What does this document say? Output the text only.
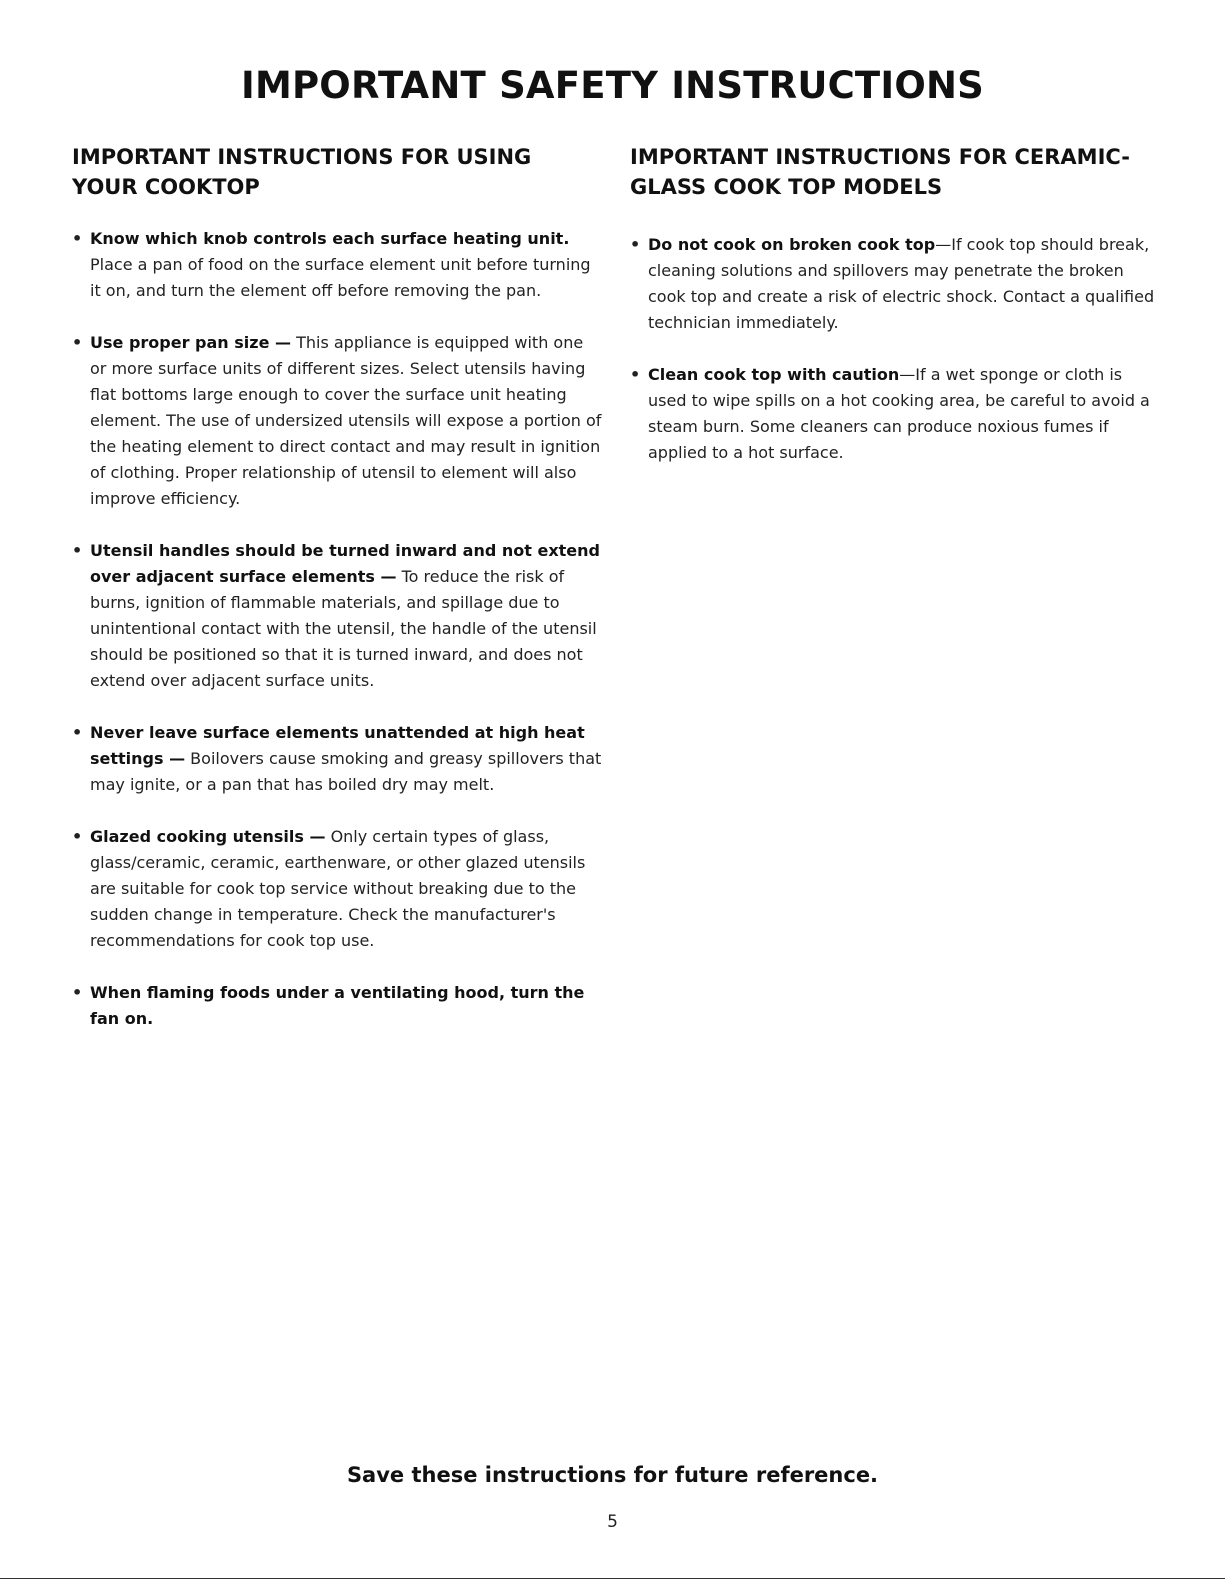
IMPORTANT SAFETY INSTRUCTIONS
IMPORTANT INSTRUCTIONS FOR USING YOUR COOKTOP
• Know which knob controls each surface heating unit. Place a pan of food on the surface element unit before turning it on, and turn the element off before removing the pan.
• Use proper pan size — This appliance is equipped with one or more surface units of different sizes. Select utensils having flat bottoms large enough to cover the surface unit heating element. The use of undersized utensils will expose a portion of the heating element to direct contact and may result in ignition of clothing. Proper relationship of utensil to element will also improve efficiency.
• Utensil handles should be turned inward and not extend over adjacent surface elements — To reduce the risk of burns, ignition of flammable materials, and spillage due to unintentional contact with the utensil, the handle of the utensil should be positioned so that it is turned inward, and does not extend over adjacent surface units.
• Never leave surface elements unattended at high heat settings — Boilovers cause smoking and greasy spillovers that may ignite, or a pan that has boiled dry may melt.
• Glazed cooking utensils — Only certain types of glass, glass/ceramic, ceramic, earthenware, or other glazed utensils are suitable for cook top service without breaking due to the sudden change in temperature. Check the manufacturer's recommendations for cook top use.
• When flaming foods under a ventilating hood, turn the fan on.
IMPORTANT INSTRUCTIONS FOR CERAMIC-GLASS COOK TOP MODELS
• Do not cook on broken cook top—If cook top should break, cleaning solutions and spillovers may penetrate the broken cook top and create a risk of electric shock. Contact a qualified technician immediately.
• Clean cook top with caution—If a wet sponge or cloth is used to wipe spills on a hot cooking area, be careful to avoid a steam burn. Some cleaners can produce noxious fumes if applied to a hot surface.

Save these instructions for future reference.

5
